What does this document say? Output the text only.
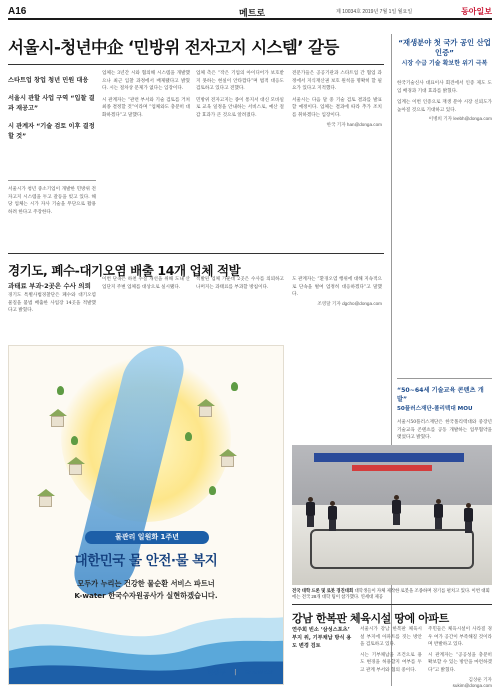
A16	메트로	제 10034호 2019년 7월 1일 월요일	동아일보
서울시-청년中企 ‘민방위 전자고지 시스템’ 갈등

스타트업 창업 청년 민원 대응

서울시 관할 사업 구역 “입찰 결과 재공고”

시 관계자 “기술 검토 이후 결정할 것”

서울시가 청년 중소기업이 개발한 민방위 전자고지 시스템을 두고 갈등을 빚고 있다. 해당 업체는 시가 자사 기술을 무단으로 활용하려 한다고 주장한다.

업체는 3년간 시와 협의해 시스템을 개발했으나 최근 입찰 과정에서 배제됐다고 밝혔다. 시는 절차상 문제가 없다는 입장이다.

시 관계자는 “관련 부서와 기술 검토를 거쳐 최종 결정할 것”이라며 “업체와도 충분히 대화하겠다”고 말했다.

업체 측은 “작은 기업의 아이디어가 보호받지 못하는 현실이 안타깝다”며 법적 대응도 검토하고 있다고 전했다.

민방위 전자고지는 종이 통지서 대신 모바일로 교육 일정을 안내하는 서비스로, 예산 절감 효과가 큰 것으로 알려졌다.

전문가들은 공공기관과 스타트업 간 협업 과정에서 지식재산권 보호 원칙을 명확히 할 필요가 있다고 지적했다.

서울시는 다음 달 중 기술 검토 결과를 발표할 예정이다. 업체는 결과에 따라 추가 조치를 취하겠다는 입장이다.

한국 기자 han@donga.com
“재생분야 첫 국가 공인 산업 인증”
시장 수급 기술 확보한 위기 극복

한국기술신사 대표이사 회견에서 인증 제도 도입 배경과 기대 효과를 밝혔다.

업계는 이번 인증으로 재생 분야 시장 신뢰도가 높아질 것으로 기대하고 있다.

이병희 기자 leebh@donga.com
“50~64세 기술교육 콘텐츠 개발”
50플러스재단-폴리텍대 MOU

서울시50플러스재단은 한국폴리텍대와 중장년 기술교육 콘텐츠를 공동 개발하는 업무협약을 맺었다고 밝혔다.

경기도, 폐수-대기오염 배출 14개 업체 적발
과태료 부과·2곳은 수사 의뢰

경기도 특별사법경찰단은 폐수와 대기오염물질을 불법 배출한 사업장 14곳을 적발했다고 밝혔다.

이번 단속은 하천 수질 개선을 위해 도내 산업단지 주변 업체를 대상으로 실시됐다.

적발된 업체 가운데 2곳은 수사를 의뢰하고 나머지는 과태료를 부과할 방침이다.

도 관계자는 “환경오염 행위에 대해 지속적으로 단속을 벌여 엄정히 대응하겠다”고 말했다.

조영달 기자 dgcho@donga.com
물관리 일원화 1주년
대한민국 물 안전·물 복지
모두가 누리는 건강한 물순환 서비스 파트너
K-water 한국수자원공사가 실현하겠습니다.
환경부 | K-water
전국 대학 드론 및 로봇 경진대회 대학생들이 자체 제작한 로봇을 조종하며 경기를 펼치고 있다. 이번 대회에는 전국 28개 대학 팀이 참가했다. 연세대 제공
강남 한복판 체육시설 땅에 아파트

연주회 빈소 ‘삼성스포츠’ 부지 위, 기부채납 방식 용도 변경 검토

서울시가 강남 한복판 체육시설 부지에 아파트를 짓는 방안을 검토하고 있다.

시는 기부채납을 조건으로 용도 변경을 허용할지 여부를 두고 관계 부서와 협의 중이다.

주민들은 체육시설이 사라질 경우 여가 공간이 부족해질 것이라며 반발하고 있다.

시 관계자는 “공공성을 충분히 확보할 수 있는 방안을 마련하겠다”고 밝혔다.

김상운 기자 sukim@donga.com
